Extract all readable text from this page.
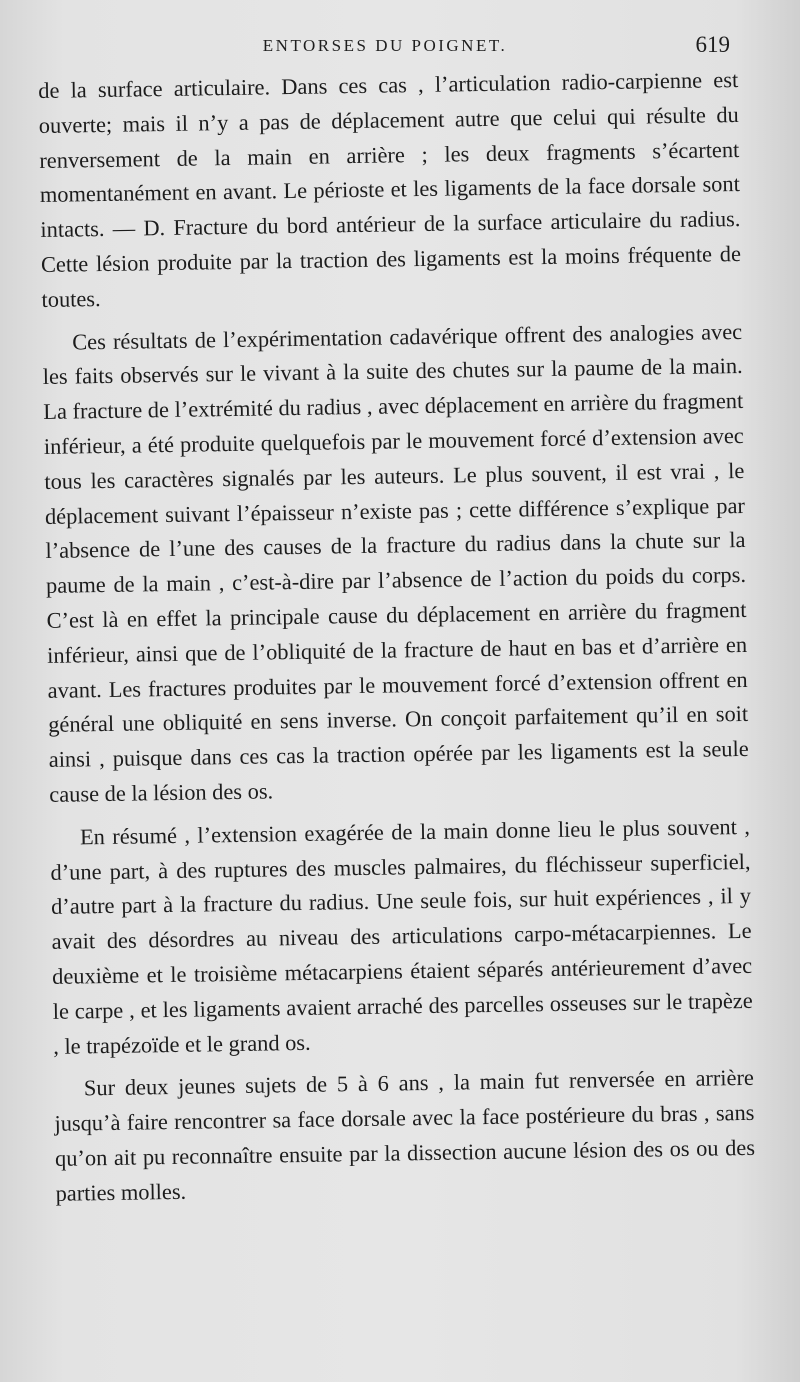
ENTORSES DU POIGNET.	619

de la surface articulaire. Dans ces cas , l’articulation radio-carpienne est ouverte; mais il n’y a pas de déplacement autre que celui qui résulte du renversement de la main en arrière ; les deux fragments s’écartent momentanément en avant. Le périoste et les ligaments de la face dorsale sont intacts. — D. Fracture du bord antérieur de la surface articulaire du radius. Cette lésion produite par la traction des ligaments est la moins fréquente de toutes.

Ces résultats de l’expérimentation cadavérique offrent des analogies avec les faits observés sur le vivant à la suite des chutes sur la paume de la main. La fracture de l’extrémité du radius , avec déplacement en arrière du fragment inférieur, a été produite quelquefois par le mouvement forcé d’extension avec tous les caractères signalés par les auteurs. Le plus souvent, il est vrai , le déplacement suivant l’épaisseur n’existe pas ; cette différence s’explique par l’absence de l’une des causes de la fracture du radius dans la chute sur la paume de la main , c’est-à-dire par l’absence de l’action du poids du corps. C’est là en effet la principale cause du déplacement en arrière du fragment inférieur, ainsi que de l’obliquité de la fracture de haut en bas et d’arrière en avant. Les fractures produites par le mouvement forcé d’extension offrent en général une obliquité en sens inverse. On conçoit parfaitement qu’il en soit ainsi , puisque dans ces cas la traction opérée par les ligaments est la seule cause de la lésion des os.

En résumé , l’extension exagérée de la main donne lieu le plus souvent , d’une part, à des ruptures des muscles palmaires, du fléchisseur superficiel, d’autre part à la fracture du radius. Une seule fois, sur huit expériences , il y avait des désordres au niveau des articulations carpo-métacarpiennes. Le deuxième et le troisième métacarpiens étaient séparés antérieurement d’avec le carpe , et les ligaments avaient arraché des parcelles osseuses sur le trapèze , le trapézoïde et le grand os.

Sur deux jeunes sujets de 5 à 6 ans , la main fut renversée en arrière jusqu’à faire rencontrer sa face dorsale avec la face postérieure du bras , sans qu’on ait pu reconnaître ensuite par la dissection aucune lésion des os ou des parties molles.
